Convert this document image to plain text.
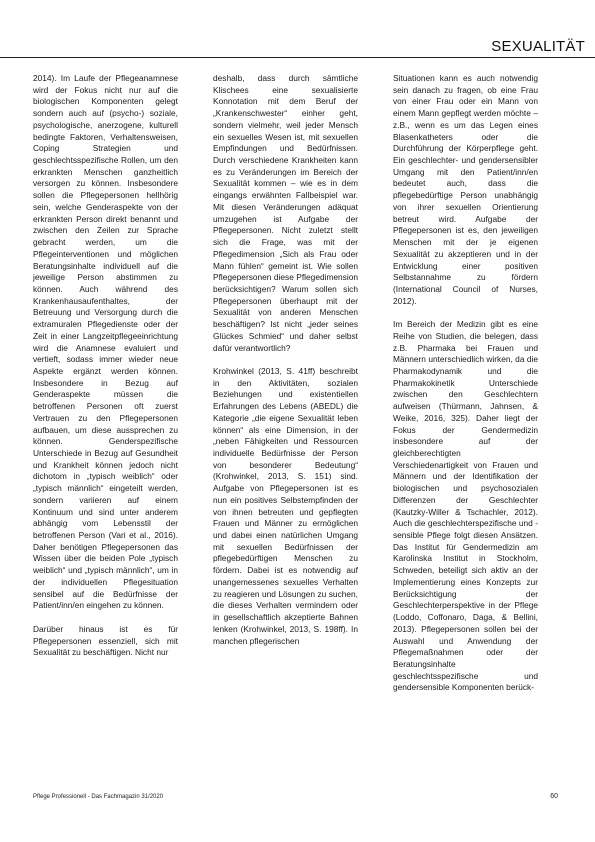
SEXUALITÄT

2014). Im Laufe der Pflegeanamnese wird der Fokus nicht nur auf die biologischen Komponenten gelegt sondern auch auf (psycho-) soziale, psychologische, anerzogene, kulturell bedingte Faktoren, Verhaltensweisen, Coping Strategien und geschlechtsspezifische Rollen, um den erkrankten Menschen ganzheitlich versorgen zu können. Insbesondere sollen die Pflegepersonen hellhörig sein, welche Genderaspekte von der erkrankten Person direkt benannt und zwischen den Zeilen zur Sprache gebracht werden, um die Pflegeinterventionen und möglichen Beratungsinhalte individuell auf die jeweilige Person abstimmen zu können. Auch während des Krankenhausaufenthaltes, der Betreuung und Versorgung durch die extramuralen Pflegedienste oder der Zeit in einer Langzeitpflegeeinrichtung wird die Anamnese evaluiert und vertieft, sodass immer wieder neue Aspekte ergänzt werden können. Insbesondere in Bezug auf Genderaspekte müssen die betroffenen Personen oft zuerst Vertrauen zu den Pflegepersonen aufbauen, um diese aussprechen zu können. Genderspezifische Unterschiede in Bezug auf Gesundheit und Krankheit können jedoch nicht dichotom in „typisch weiblich“ oder „typisch männlich“ eingeteilt werden, sondern variieren auf einem Kontinuum und sind unter anderem abhängig vom Lebensstil der betroffenen Person (Vari et al., 2016). Daher benötigen Pflegepersonen das Wissen über die beiden Pole „typisch weiblich“ und „typisch männlich“, um in der individuellen Pflegesituation sensibel auf die Bedürfnisse der Patient/inn/en eingehen zu können.

Darüber hinaus ist es für Pflegepersonen essenziell, sich mit Sexualität zu beschäftigen. Nicht nur

deshalb, dass durch sämtliche Klischees eine sexualisierte Konnotation mit dem Beruf der „Krankenschwester“ einher geht, sondern vielmehr, weil jeder Mensch ein sexuelles Wesen ist, mit sexuellen Empfindungen und Bedürfnissen. Durch verschiedene Krankheiten kann es zu Veränderungen im Bereich der Sexualität kommen – wie es in dem eingangs erwähnten Fallbeispiel war. Mit diesen Veränderungen adäquat umzugehen ist Aufgabe der Pflegepersonen. Nicht zuletzt stellt sich die Frage, was mit der Pflegedimension „Sich als Frau oder Mann fühlen“ gemeint ist. Wie sollen Pflegepersonen diese Pflegedimension berücksichtigen? Warum sollen sich Pflegepersonen überhaupt mit der Sexualität von anderen Menschen beschäftigen? Ist nicht „jeder seines Glückes Schmied“ und daher selbst dafür verantwortlich?

Krohwinkel (2013, S. 41ff) beschreibt in den Aktivitäten, sozialen Beziehungen und existentiellen Erfahrungen des Lebens (ABEDL) die Kategorie „die eigene Sexualität leben können“ als eine Dimension, in der „neben Fähigkeiten und Ressourcen individuelle Bedürfnisse der Person von besonderer Bedeutung“ (Krohwinkel, 2013, S. 151) sind. Aufgabe von Pflegepersonen ist es nun ein positives Selbstempfinden der von ihnen betreuten und gepflegten Frauen und Männer zu ermöglichen und dabei einen natürlichen Umgang mit sexuellen Bedürfnissen der pflegebedürftigen Menschen zu fördern. Dabei ist es notwendig auf unangemessenes sexuelles Verhalten zu reagieren und Lösungen zu suchen, die dieses Verhalten vermindern oder in gesellschaftlich akzeptierte Bahnen lenken (Krohwinkel, 2013, S. 198ff). In manchen pflegerischen

Situationen kann es auch notwendig sein danach zu fragen, ob eine Frau von einer Frau oder ein Mann von einem Mann gepflegt werden möchte – z.B., wenn es um das Legen eines Blasenkatheters oder die Durchführung der Körperpflege geht. Ein geschlechter- und gendersensibler Umgang mit den Patient/inn/en bedeutet auch, dass die pflegebedürftige Person unabhängig von ihrer sexuellen Orientierung betreut wird. Aufgabe der Pflegepersonen ist es, den jeweiligen Menschen mit der je eigenen Sexualität zu akzeptieren und in der Entwicklung einer positiven Selbstannahme zu fördern (International Council of Nurses, 2012).

Im Bereich der Medizin gibt es eine Reihe von Studien, die belegen, dass z.B. Pharmaka bei Frauen und Männern unterschiedlich wirken, da die Pharmakodynamik und die Pharmakokinetik Unterschiede zwischen den Geschlechtern aufweisen (Thürmann, Jahnsen, & Weike, 2016, 325). Daher liegt der Fokus der Gendermedizin insbesondere auf der gleichberechtigten Verschiedenartigkeit von Frauen und Männern und der Identifikation der biologischen und psychosozialen Differenzen der Geschlechter (Kautzky-Willer & Tschachler, 2012). Auch die geschlechterspezifische und -sensible Pflege folgt diesen Ansätzen. Das Institut für Gendermedizin am Karolinska Institut in Stockholm, Schweden, beteiligt sich aktiv an der Implementierung eines Konzepts zur Berücksichtigung der Geschlechterperspektive in der Pflege (Loddo, Coffonaro, Daga, & Bellini, 2013). Pflegepersonen sollen bei der Auswahl und Anwendung der Pflegemaßnahmen oder der Beratungsinhalte geschlechtsspezifische und gendersensible Komponenten berück-

Pflege Professionell - Das Fachmagazin 31/2020	60
